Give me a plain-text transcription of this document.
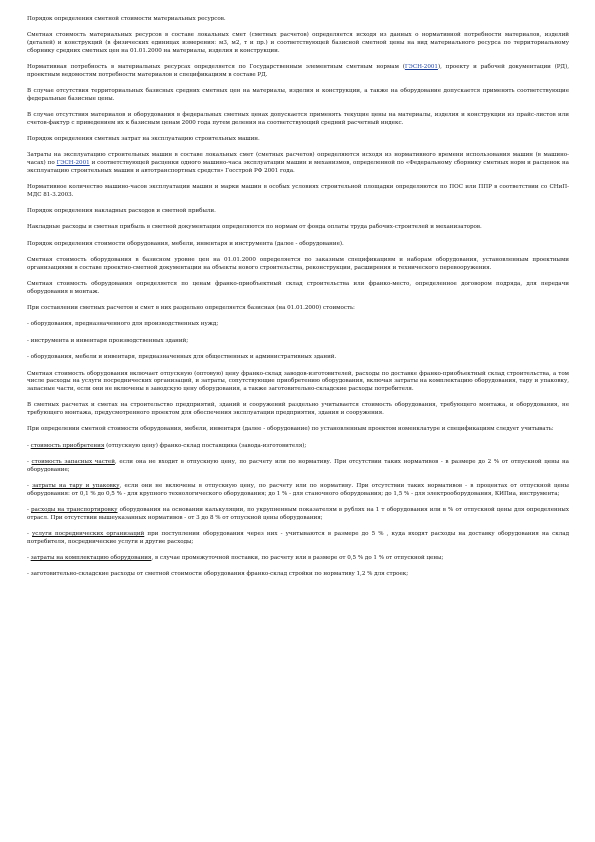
Порядок определения сметной стоимости материальных ресурсов.

Сметная стоимость материальных ресурсов в составе локальных смет (сметных расчетов) определяется исходя из данных о нормативной потребности материалов, изделий (деталей) и конструкций (в физических единицах измерения: м3, м2, т и пр.) и соответствующей базисной сметной цены на вид материального ресурса по территориальному сборнику средних сметных цен на 01.01.2000 на материалы, изделия и конструкции.

Нормативная потребность в материальных ресурсах определяется по Государственным элементным сметным нормам (ГЭСН-2001), проекту и рабочей документации (РД), проектным ведомостям потребности материалов и спецификациям в составе РД.

В случае отсутствия территориальных базисных средних сметных цен на материалы, изделия и конструкции, а также на оборудование допускается применять соответствующие федеральные базисные цены.

В случае отсутствия материалов и оборудования в федеральных сметных ценах допускается применять текущие цены на материалы, изделия и конструкции из прайс-листов или счетов-фактур с приведением их к базисным ценам 2000 года путем деления на соответствующий средний расчетный индекс.

Порядок определения сметных затрат на эксплуатацию строительных машин.

Затраты на эксплуатацию строительных машин в составе локальных смет (сметных расчетов) определяются исходя из нормативного времени использования машин (в машино-часах) по ГЭСН-2001 и соответствующей расценки одного машино-часа эксплуатации машин и механизмов, определенной по «Федеральному сборнику сметных норм и расценок на эксплуатацию строительных машин и автотранспортных средств» Госстрой РФ 2001 года.

Нормативное количество машино-часов эксплуатации машин и марки машин в особых условиях строительной площадки определяются по ПОС или ППР в соответствии со СНиП-МДС 81-3.2003.

Порядок определения накладных расходов и сметной прибыли.

Накладные расходы и сметная прибыль в сметной документации определяются по нормам от фонда оплаты труда рабочих-строителей и механизаторов.

Порядок определения стоимости оборудования, мебели, инвентаря и инструмента (далее - оборудование).

Сметная стоимость оборудования в базисном уровне цен на 01.01.2000 определяется по заказным спецификациям и наборам оборудования, установленным проектными организациями в составе проектно-сметной документации на объекты нового строительства, реконструкции, расширения и технического перевооружения.

Сметная стоимость оборудования определяется по ценам франко-приобъектный склад строительства или франко-место, определенное договором подряда, для передачи оборудования в монтаж.

При составлении сметных расчетов и смет в них раздельно определяется базисная (на 01.01.2000) стоимость:

- оборудования, предназначенного для производственных нужд;

- инструмента и инвентаря производственных зданий;

- оборудования, мебели и инвентаря, предназначенных для общественных и административных зданий.

Сметная стоимость оборудования включает отпускную (оптовую) цену франко-склад заводов-изготовителей, расходы по доставке франко-приобъектный склад строительства, а том числе расходы на услуги посреднических организаций, и затраты, сопутствующие приобретению оборудования, включая затраты на комплектацию оборудования, тару и упаковку, запасные части, если они не включены в заводскую цену оборудования, а также заготовительно-складские расходы потребителя.

В сметных расчетах и сметах на строительство предприятий, зданий и сооружений раздельно учитывается стоимость оборудования, требующего монтажа, и оборудования, не требующего монтажа, предусмотренного проектом для обеспечения эксплуатации предприятия, здания и сооружения.

При определении сметной стоимости оборудования, мебели, инвентаря (далее - оборудование) по установленным проектом номенклатуре и спецификациям следует учитывать:

- стоимость приобретения (отпускную цену) франко-склад поставщика (завода-изготовителя);

- стоимость запасных частей, если она не входит в отпускную цену, по расчету или по нормативу. При отсутствии таких нормативов - в размере до 2 % от отпускной цены на оборудование;

- затраты на тару и упаковку, если они не включены в отпускную цену, по расчету или по нормативу. При отсутствии таких нормативов - в процентах от отпускной цены оборудования: от 0,1 % до 0,5 % - для крупного технологического оборудования; до 1 % - для станочного оборудования; до 1,5 % - для электрооборудования, КИПиа, инструмента;

- расходы на транспортировку оборудования на основании калькуляции, по укрупненным показателям в рублях на 1 т оборудования или в % от отпускной цены для определенных отрасл. При отсутствии вышеуказанных нормативов - от 3 до 8 % от отпускной цены оборудования;

- услуги посреднических организаций при поступлении оборудования через них - учитываются в размере до 5 % , куда входят расходы на доставку оборудования на склад потребителя, посреднические услуги и другие расходы;

- затраты на комплектацию оборудования, в случае промежуточной поставки, по расчету или в размере от 0,5 % до 1 % от отпускной цены;

- заготовительно-складские расходы от сметной стоимости оборудования франко-склад стройки по нормативу 1,2 % для строек;
